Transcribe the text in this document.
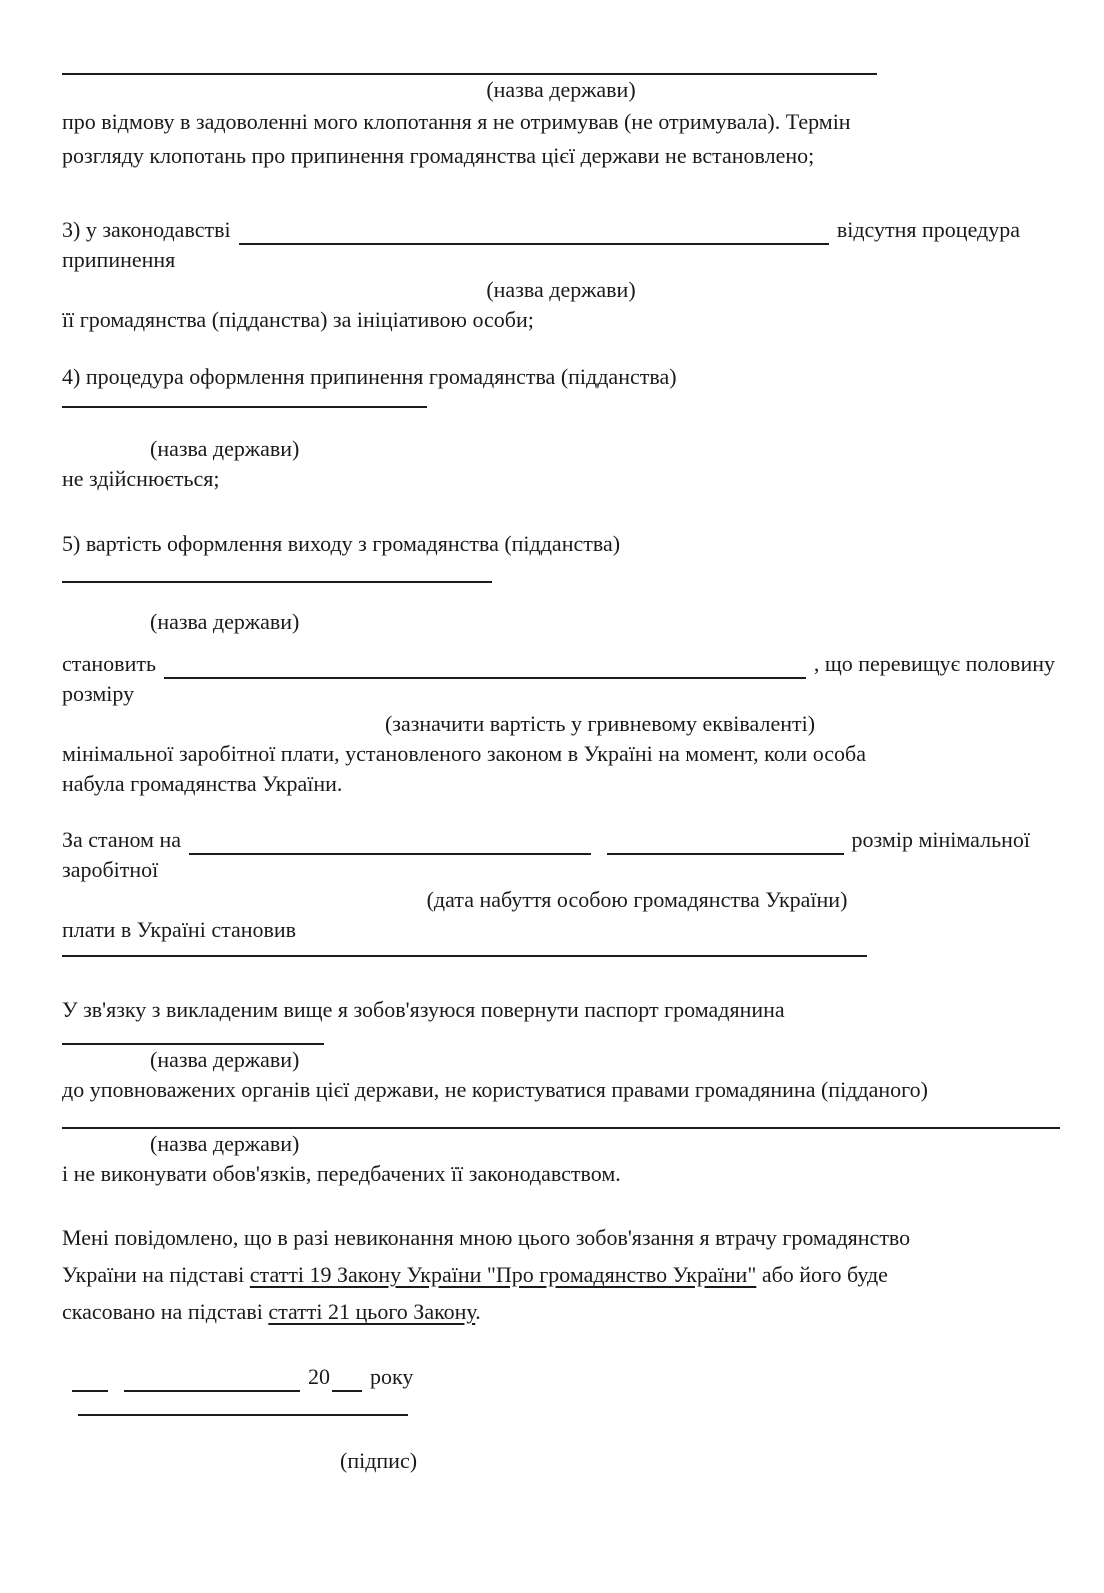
(назва держави)
про відмову в задоволенні мого клопотання я не отримував (не отримувала). Термін
розгляду клопотань про припинення громадянства цієї держави не встановлено;
3) у законодавстві	відсутня процедура
припинення
(назва держави)
її громадянства (підданства) за ініціативою особи;
4) процедура оформлення припинення громадянства (підданства)
(назва держави)
не здійснюється;
5) вартість оформлення виходу з громадянства (підданства)
(назва держави)
становить	, що перевищує половину
розміру
(зазначити вартість у гривневому еквіваленті)
мінімальної заробітної плати, установленого законом в Україні на момент, коли особа
набула громадянства України.
За станом на	розмір мінімальної
заробітної
(дата набуття особою громадянства України)
плати в Україні становив
У зв'язку з викладеним вище я зобов'язуюся повернути паспорт громадянина
(назва держави)
до уповноважених органів цієї держави, не користуватися правами громадянина (підданого)
(назва держави)
і не виконувати обов'язків, передбачених її законодавством.
Мені повідомлено, що в разі невиконання мною цього зобов'язання я втрачу громадянство
України на підставі статті 19 Закону України "Про громадянство України" або його буде
скасовано на підставі статті 21 цього Закону.
20 року
(підпис)
